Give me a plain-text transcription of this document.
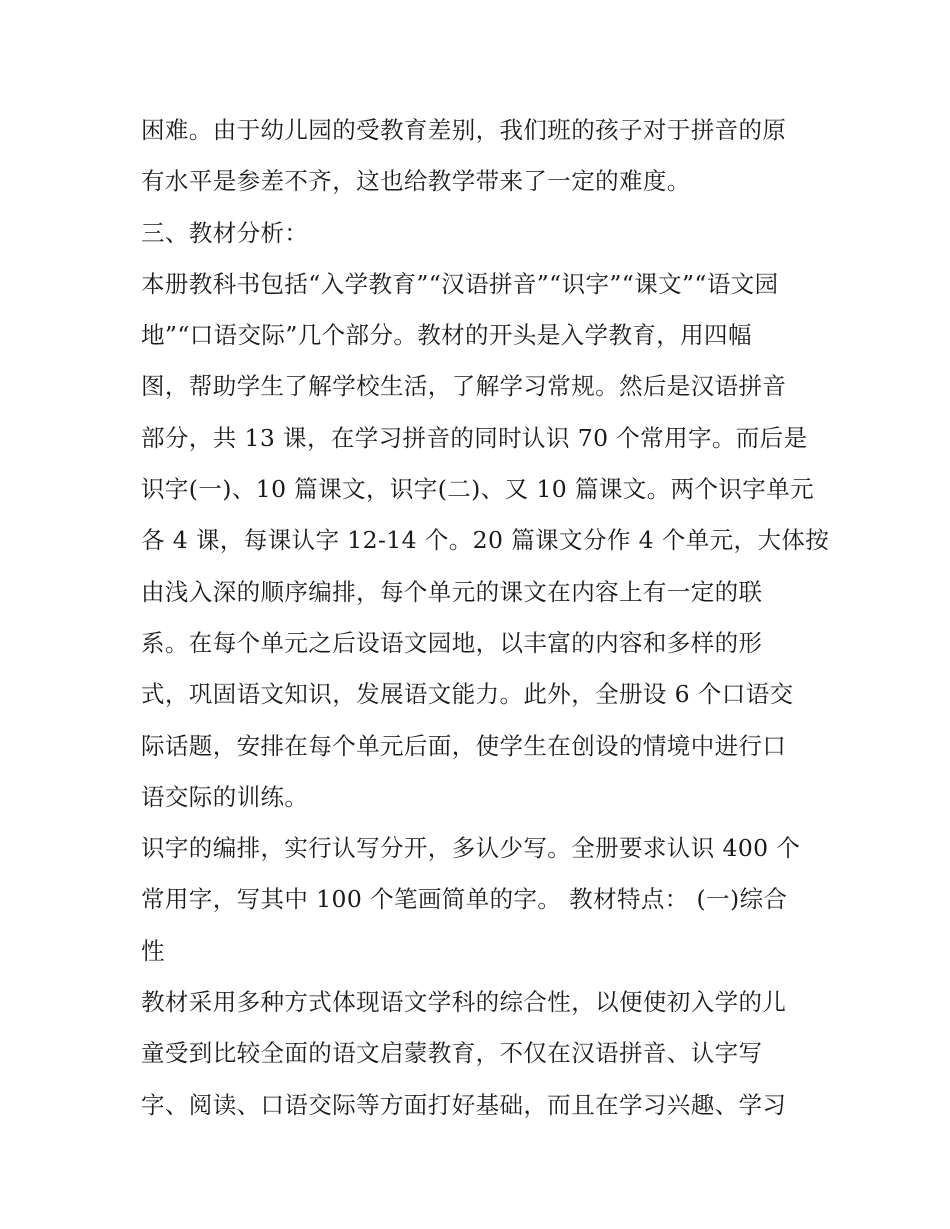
困难。由于幼儿园的受教育差别，我们班的孩子对于拼音的原
有水平是参差不齐，这也给教学带来了一定的难度。
三、教材分析：
本册教科书包括“入学教育”“汉语拼音”“识字”“课文”“语文园
地”“口语交际”几个部分。教材的开头是入学教育，用四幅
图，帮助学生了解学校生活，了解学习常规。然后是汉语拼音
部分，共 13 课，在学习拼音的同时认识 70 个常用字。而后是
识字(一)、10 篇课文，识字(二)、又 10 篇课文。两个识字单元
各 4 课，每课认字 12-14 个。20 篇课文分作 4 个单元，大体按
由浅入深的顺序编排，每个单元的课文在内容上有一定的联
系。在每个单元之后设语文园地，以丰富的内容和多样的形
式，巩固语文知识，发展语文能力。此外，全册设 6 个口语交
际话题，安排在每个单元后面，使学生在创设的情境中进行口
语交际的训练。
识字的编排，实行认写分开，多认少写。全册要求认识 400 个
常用字，写其中 100 个笔画简单的字。 教材特点： (一)综合
性
教材采用多种方式体现语文学科的综合性，以便使初入学的儿
童受到比较全面的语文启蒙教育，不仅在汉语拼音、认字写
字、阅读、口语交际等方面打好基础，而且在学习兴趣、学习
